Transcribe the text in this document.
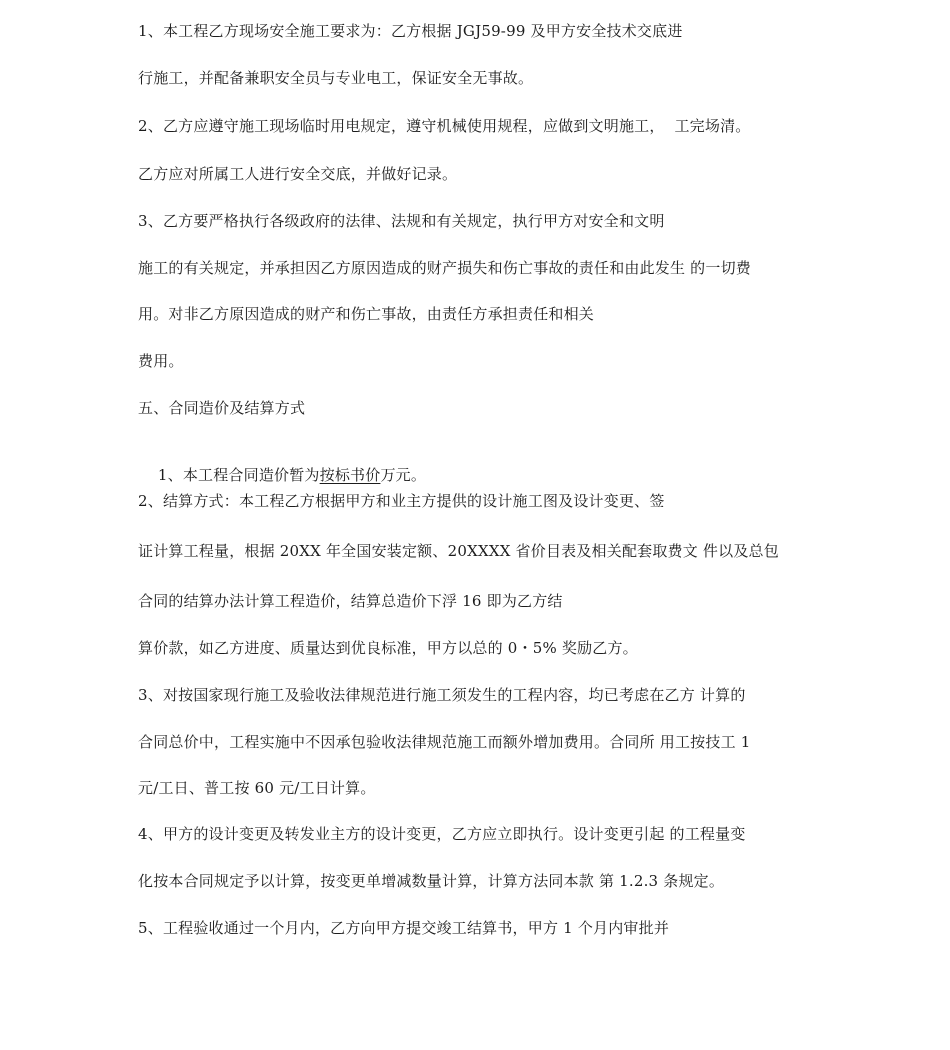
1、本工程乙方现场安全施工要求为：乙方根据 JGJ59-99 及甲方安全技术交底进

行施工，并配备兼职安全员与专业电工，保证安全无事故。

2、乙方应遵守施工现场临时用电规定，遵守机械使用规程，应做到文明施工，  工完场清。

乙方应对所属工人进行安全交底，并做好记录。

3、乙方要严格执行各级政府的法律、法规和有关规定，执行甲方对安全和文明

施工的有关规定，并承担因乙方原因造成的财产损失和伤亡事故的责任和由此发生 的一切费

用。对非乙方原因造成的财产和伤亡事故，由责任方承担责任和相关

费用。

五、合同造价及结算方式

1、本工程合同造价暂为按标书价万元。

2、结算方式：本工程乙方根据甲方和业主方提供的设计施工图及设计变更、签

证计算工程量，根据 20XX 年全国安装定额、20XXXX 省价目表及相关配套取费文 件以及总包

合同的结算办法计算工程造价，结算总造价下浮 16 即为乙方结

算价款，如乙方进度、质量达到优良标准，甲方以总的 0・5% 奖励乙方。

3、对按国家现行施工及验收法律规范进行施工须发生的工程内容，均已考虑在乙方 计算的

合同总价中，工程实施中不因承包验收法律规范施工而额外增加费用。合同所 用工按技工 1

元/工日、普工按 60 元/工日计算。

4、甲方的设计变更及转发业主方的设计变更，乙方应立即执行。设计变更引起 的工程量变

化按本合同规定予以计算，按变更单增减数量计算，计算方法同本款 第 1.2.3 条规定。

5、工程验收通过一个月内，乙方向甲方提交竣工结算书，甲方 1 个月内审批并
